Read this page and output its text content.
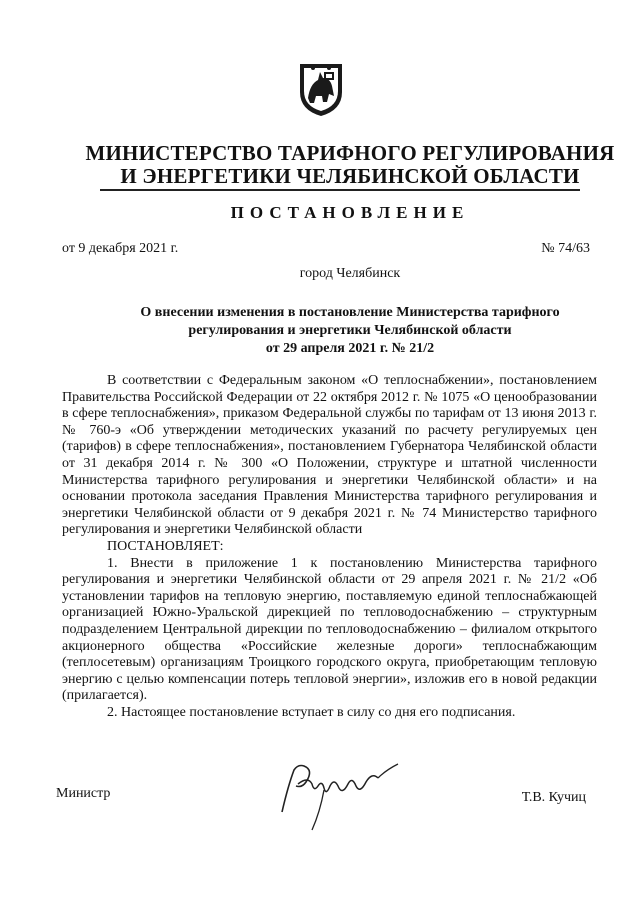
МИНИСТЕРСТВО ТАРИФНОГО РЕГУЛИРОВАНИЯ
И ЭНЕРГЕТИКИ ЧЕЛЯБИНСКОЙ ОБЛАСТИ
ПОСТАНОВЛЕНИЕ
от 9 декабря 2021 г.	№ 74/63
город Челябинск
О внесении изменения в постановление Министерства тарифного
регулирования и энергетики Челябинской области
от 29 апреля 2021 г. № 21/2

В соответствии с Федеральным законом «О теплоснабжении», постановлением Правительства Российской Федерации от 22 октября 2012 г. № 1075 «О ценообразовании в сфере теплоснабжения», приказом Федеральной службы по тарифам от 13 июня 2013 г. № 760-э «Об утверждении методических указаний по расчету регулируемых цен (тарифов) в сфере теплоснабжения», постановлением Губернатора Челябинской области от 31 декабря 2014 г. № 300 «О Положении, структуре и штатной численности Министерства тарифного регулирования и энергетики Челябинской области» и на основании протокола заседания Правления Министерства тарифного регулирования и энергетики Челябинской области от 9 декабря 2021 г. № 74 Министерство тарифного регулирования и энергетики Челябинской области

ПОСТАНОВЛЯЕТ:

1. Внести в приложение 1 к постановлению Министерства тарифного регулирования и энергетики Челябинской области от 29 апреля 2021 г. № 21/2 «Об установлении тарифов на тепловую энергию, поставляемую единой теплоснабжающей организацией Южно-Уральской дирекцией по тепловодоснабжению – структурным подразделением Центральной дирекции по тепловодоснабжению – филиалом открытого акционерного общества «Российские железные дороги» теплоснабжающим (теплосетевым) организациям Троицкого городского округа, приобретающим тепловую энергию с целью компенсации потерь тепловой энергии», изложив его в новой редакции (прилагается).

2. Настоящее постановление вступает в силу со дня его подписания.

Министр	Т.В. Кучиц
